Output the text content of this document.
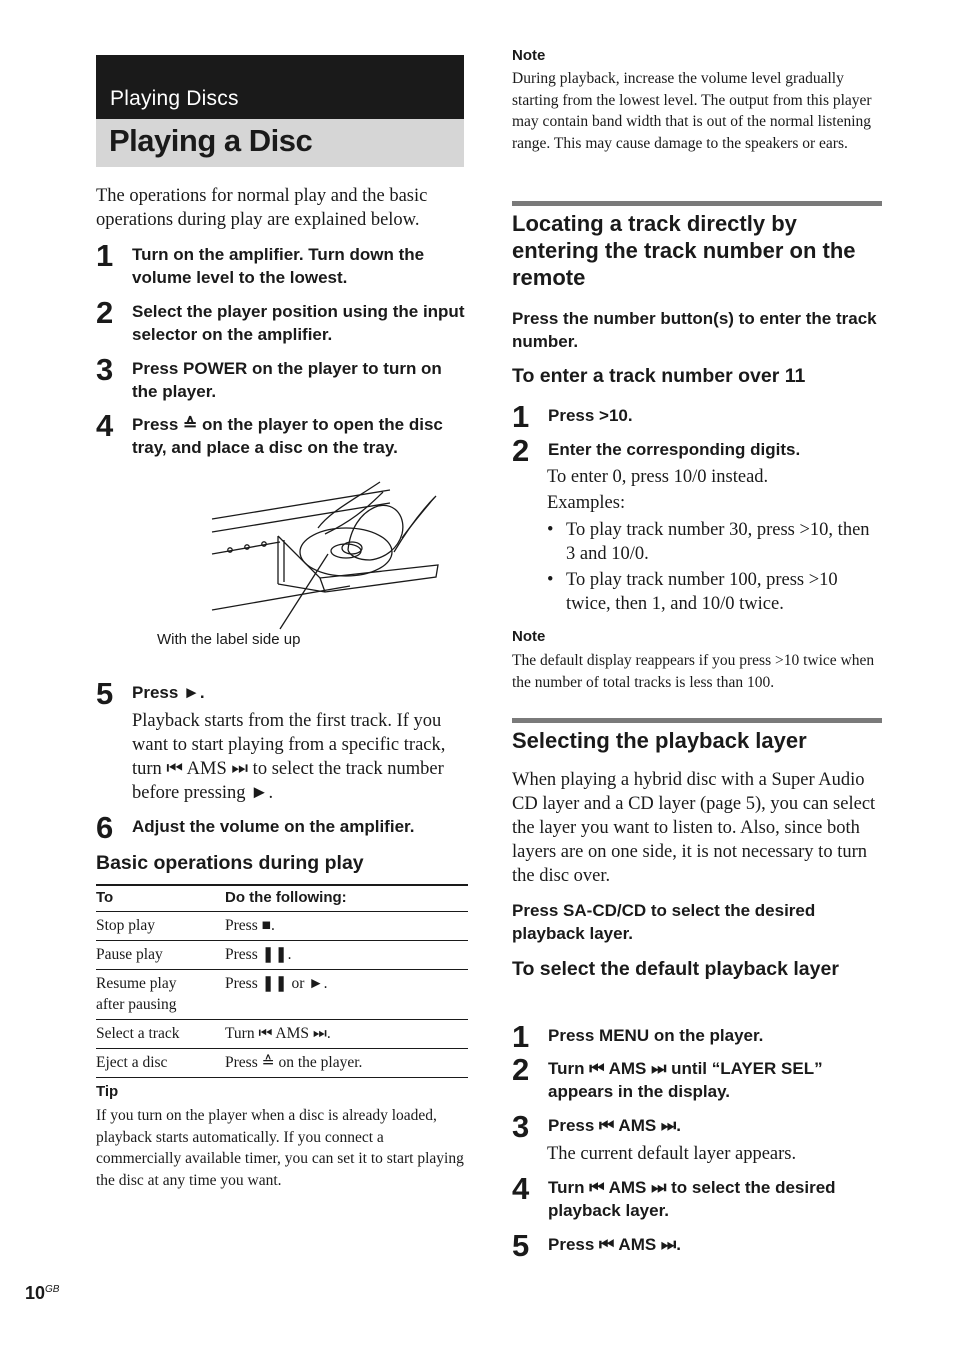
Playing Discs
Playing a Disc
The operations for normal play and the basic operations during play are explained below.
1 Turn on the amplifier. Turn down the volume level to the lowest.
2 Select the player position using the input selector on the amplifier.
3 Press POWER on the player to turn on the player.
4 Press ≙ on the player to open the disc tray, and place a disc on the tray.
With the label side up
5 Press ►.
Playback starts from the first track. If you want to start playing from a specific track, turn ⏮ AMS ⏭ to select the track number before pressing ►.
6 Adjust the volume on the amplifier.
Basic operations during play
To	Do the following:
Stop play	Press ■.
Pause play	Press ❚❚.
Resume play after pausing	Press ❚❚ or ►.
Select a track	Turn ⏮ AMS ⏭.
Eject a disc	Press ≙ on the player.
Tip
If you turn on the player when a disc is already loaded, playback starts automatically. If you connect a commercially available timer, you can set it to start playing the disc at any time you want.
Note
During playback, increase the volume level gradually starting from the lowest level. The output from this player may contain band width that is out of the normal listening range. This may cause damage to the speakers or ears.
Locating a track directly by entering the track number on the remote
Press the number button(s) to enter the track number.
To enter a track number over 11
1 Press >10.
2 Enter the corresponding digits.
To enter 0, press 10/0 instead.
Examples:
• To play track number 30, press >10, then 3 and 10/0.
• To play track number 100, press >10 twice, then 1, and 10/0 twice.
Note
The default display reappears if you press >10 twice when the number of total tracks is less than 100.
Selecting the playback layer
When playing a hybrid disc with a Super Audio CD layer and a CD layer (page 5), you can select the layer you want to listen to. Also, since both layers are on one side, it is not necessary to turn the disc over.
Press SA-CD/CD to select the desired playback layer.
To select the default playback layer
1 Press MENU on the player.
2 Turn ⏮ AMS ⏭ until “LAYER SEL” appears in the display.
3 Press ⏮ AMS ⏭.
The current default layer appears.
4 Turn ⏮ AMS ⏭ to select the desired playback layer.
5 Press ⏮ AMS ⏭.
$10^{GB}$
